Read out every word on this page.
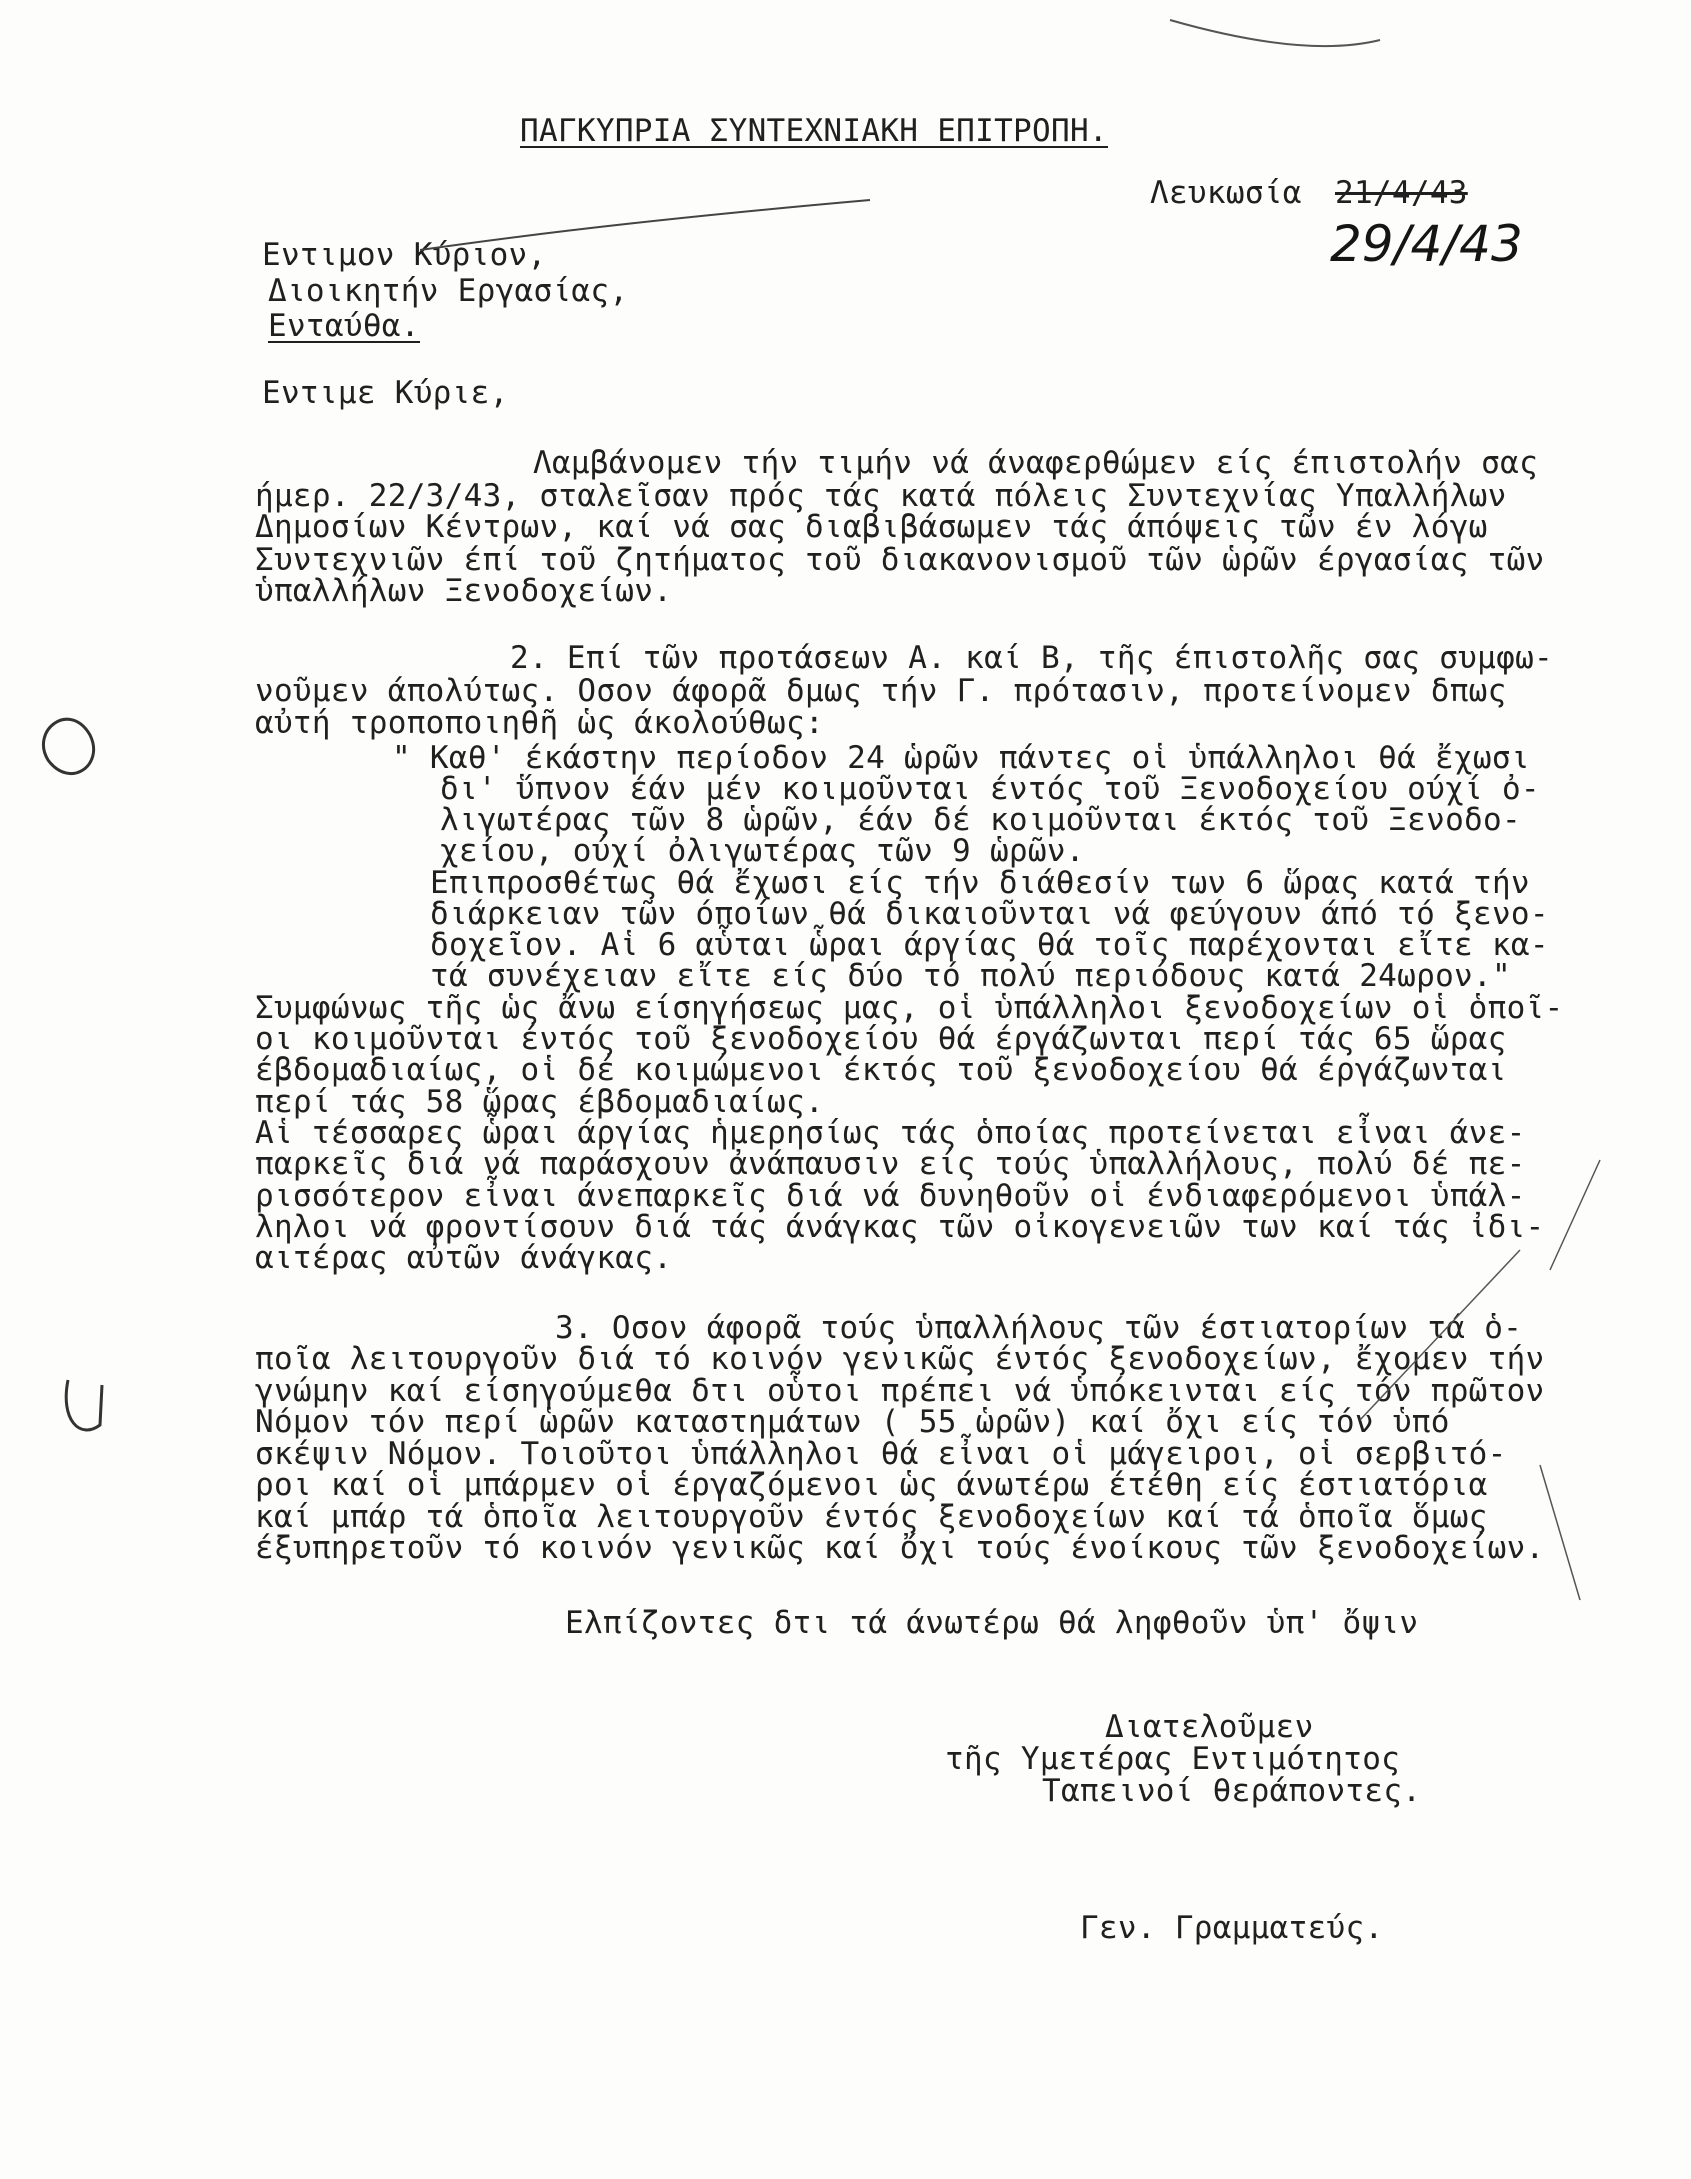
ΠΑΓΚΥΠΡΙΑ ΣΥΝΤΕΧΝΙΑΚΗ ΕΠΙΤΡΟΠΗ.
Λευκωσία 21/4/43
29/4/43
Εντιμον Κύριον,
Διοικητήν Εργασίας,
Ενταύθα.
Εντιμε Κύριε,
Λαμβάνομεν τήν τιμήν νά άναφερθώμεν είς έπιστολήν σας
ήμερ. 22/3/43, σταλεῖσαν πρός τάς κατά πόλεις Συντεχνίας Υπαλλήλων
Δημοσίων Κέντρων, καί νά σας διαβιβάσωμεν τάς άπόψεις τῶν έν λόγω
Συντεχνιῶν έπί τοῦ ζητήματος τοῦ διακανονισμοῦ τῶν ὡρῶν έργασίας τῶν
ὑπαλλήλων Ξενοδοχείων.
2. Επί τῶν προτάσεων Α. καί Β, τῆς έπιστολῆς σας συμφω-
νοῦμεν άπολύτως. Οσον άφορᾶ δμως τήν Γ. πρότασιν, προτείνομεν δπως
αὐτή τροποποιηθῆ ὡς άκολούθως:
" Καθ' έκάστην περίοδον 24 ὡρῶν πάντες οἱ ὑπάλληλοι θά ἔχωσι
δι' ὕπνον έάν μέν κοιμοῦνται έντός τοῦ Ξενοδοχείου ούχί ὀ-
λιγωτέρας τῶν 8 ὡρῶν, έάν δέ κοιμοῦνται έκτός τοῦ Ξενοδο-
χείου, ούχί ὀλιγωτέρας τῶν 9 ὡρῶν.
Επιπροσθέτως θά ἔχωσι είς τήν διάθεσίν των 6 ὥρας κατά τήν
διάρκειαν τῶν όποίων θά δικαιοῦνται νά φεύγουν άπό τό ξενο-
δοχεῖον. Αἱ 6 αὗται ὧραι άργίας θά τοῖς παρέχονται εἴτε κα-
τά συνέχειαν εἴτε είς δύο τό πολύ περιόδους κατά 24ωρον."
Συμφώνως τῆς ὡς ἄνω είσηγήσεως μας, οἱ ὑπάλληλοι ξενοδοχείων οἱ ὁποῖ-
οι κοιμοῦνται έντός τοῦ ξενοδοχείου θά έργάζωνται περί τάς 65 ὥρας
έβδομαδιαίως, οἱ δέ κοιμώμενοι έκτός τοῦ ξενοδοχείου θά έργάζωνται
περί τάς 58 ὥρας έβδομαδιαίως.
Αἱ τέσσαρες ὧραι άργίας ἡμερησίως τάς ὁποίας προτείνεται εἶναι άνε-
παρκεῖς διά νά παράσχουν ἀνάπαυσιν είς τούς ὑπαλλήλους, πολύ δέ πε-
ρισσότερον εἶναι άνεπαρκεῖς διά νά δυνηθοῦν οἱ ένδιαφερόμενοι ὑπάλ-
ληλοι νά φροντίσουν διά τάς άνάγκας τῶν οἰκογενειῶν των καί τάς ἰδι-
αιτέρας αὐτῶν άνάγκας.
3. Οσον άφορᾶ τούς ὑπαλλήλους τῶν έστιατορίων τά ὁ-
ποῖα λειτουργοῦν διά τό κοινόν γενικῶς έντός ξενοδοχείων, ἔχομεν τήν
γνώμην καί είσηγούμεθα δτι οὗτοι πρέπει νά ὑπόκεινται είς τόν πρῶτον
Νόμον τόν περί ὡρῶν καταστημάτων ( 55 ὡρῶν) καί ὄχι είς τόν ὑπό
σκέψιν Νόμον. Τοιοῦτοι ὑπάλληλοι θά εἶναι οἱ μάγειροι, οἱ σερβιτό-
ροι καί οἱ μπάρμεν οἱ έργαζόμενοι ὡς άνωτέρω έτέθη είς έστιατόρια
καί μπάρ τά ὁποῖα λειτουργοῦν έντός ξενοδοχείων καί τά ὁποῖα ὅμως
έξυπηρετοῦν τό κοινόν γενικῶς καί ὄχι τούς ένοίκους τῶν ξενοδοχείων.
Ελπίζοντες δτι τά άνωτέρω θά ληφθοῦν ὑπ' ὄψιν
Διατελοῦμεν
τῆς Υμετέρας Εντιμότητος
Ταπεινοί θεράποντες.
Γεν. Γραμματεύς.
